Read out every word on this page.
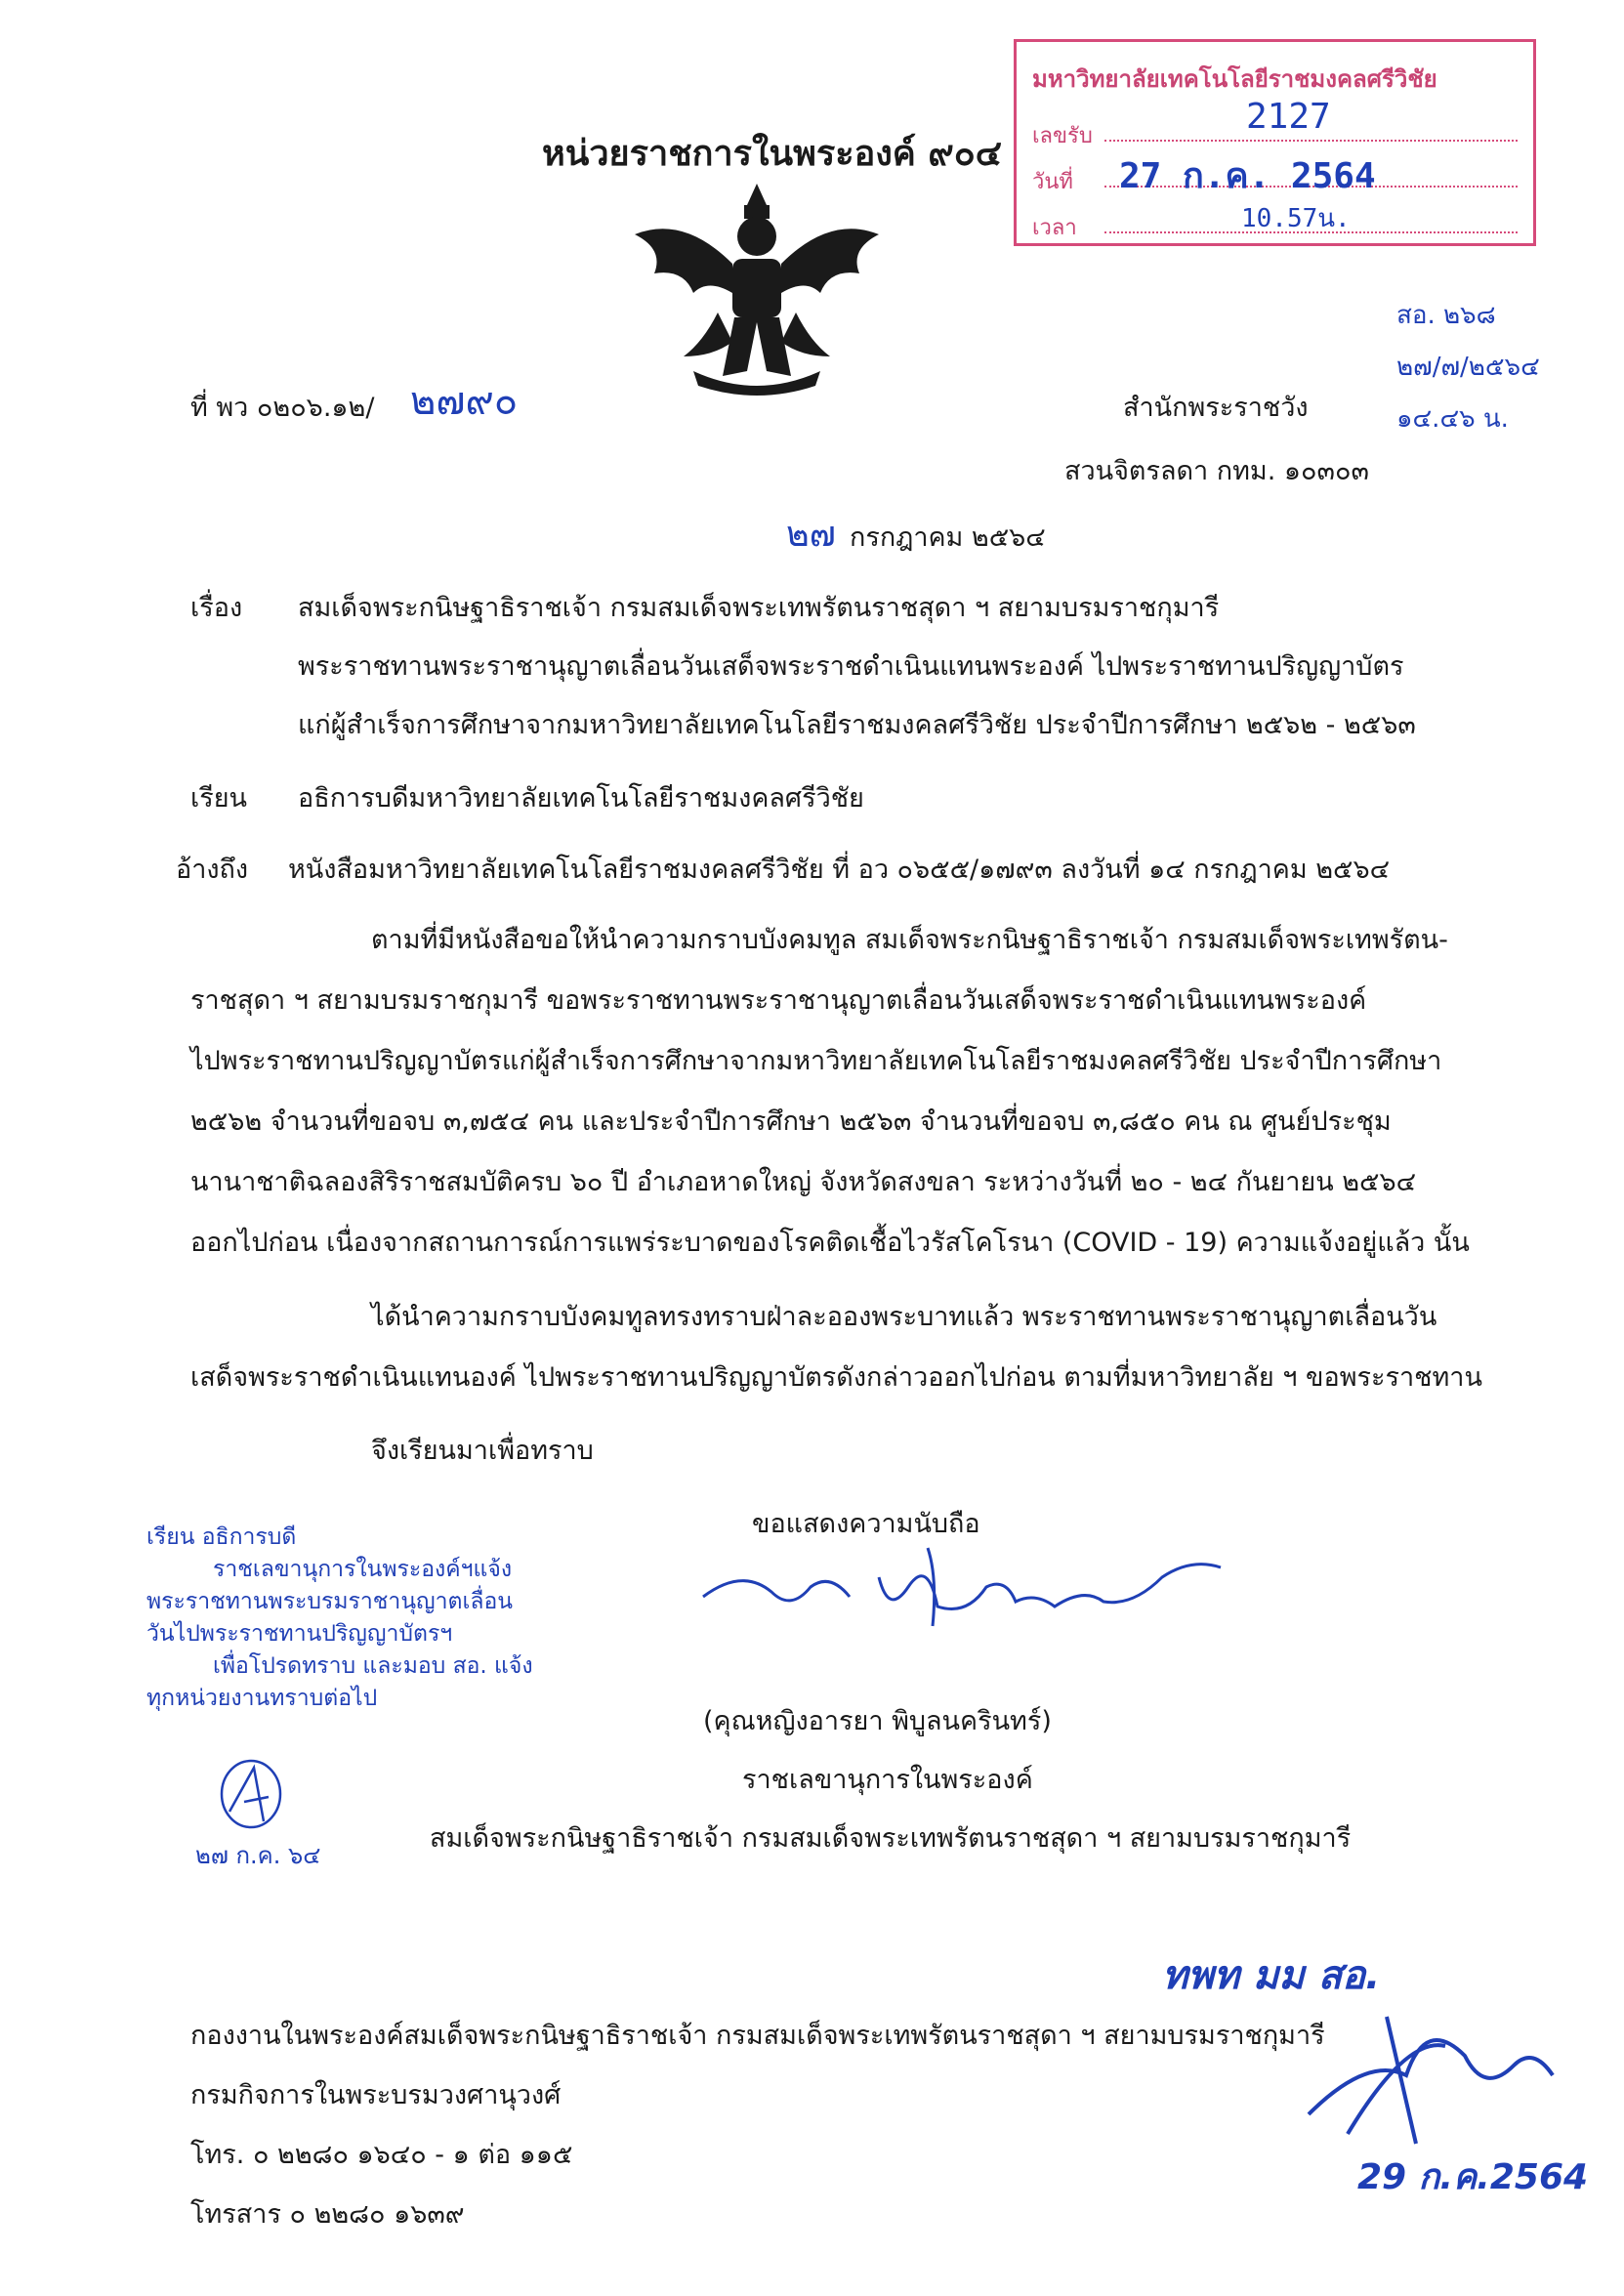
หน่วยราชการในพระองค์ ๙๐๔
มหาวิทยาลัยเทคโนโลยีราชมงคลศรีวิชัย
เลขรับ	2127
วันที่ 27 ก.ค. 2564
เวลา	10.57น.
สอ. ๒๖๘
๒๗/๗/๒๕๖๔
๑๔.๔๖ น.
ที่ พว ๐๒๐๖.๑๒/ ๒๗๙๐	สำนักพระราชวัง
สวนจิตรลดา กทม. ๑๐๓๐๓
๒๗ กรกฎาคม ๒๕๖๔
เรื่อง สมเด็จพระกนิษฐาธิราชเจ้า กรมสมเด็จพระเทพรัตนราชสุดา ฯ สยามบรมราชกุมารี
พระราชทานพระราชานุญาตเลื่อนวันเสด็จพระราชดำเนินแทนพระองค์ ไปพระราชทานปริญญาบัตร
แก่ผู้สำเร็จการศึกษาจากมหาวิทยาลัยเทคโนโลยีราชมงคลศรีวิชัย ประจำปีการศึกษา ๒๕๖๒ - ๒๕๖๓
เรียน อธิการบดีมหาวิทยาลัยเทคโนโลยีราชมงคลศรีวิชัย
อ้างถึง หนังสือมหาวิทยาลัยเทคโนโลยีราชมงคลศรีวิชัย ที่ อว ๐๖๕๕/๑๗๙๓ ลงวันที่ ๑๔ กรกฎาคม ๒๕๖๔
ตามที่มีหนังสือขอให้นำความกราบบังคมทูล สมเด็จพระกนิษฐาธิราชเจ้า กรมสมเด็จพระเทพรัตน-
ราชสุดา ฯ สยามบรมราชกุมารี ขอพระราชทานพระราชานุญาตเลื่อนวันเสด็จพระราชดำเนินแทนพระองค์
ไปพระราชทานปริญญาบัตรแก่ผู้สำเร็จการศึกษาจากมหาวิทยาลัยเทคโนโลยีราชมงคลศรีวิชัย ประจำปีการศึกษา
๒๕๖๒ จำนวนที่ขอจบ ๓,๗๕๔ คน และประจำปีการศึกษา ๒๕๖๓ จำนวนที่ขอจบ ๓,๘๕๐ คน ณ ศูนย์ประชุม
นานาชาติฉลองสิริราชสมบัติครบ ๖๐ ปี อำเภอหาดใหญ่ จังหวัดสงขลา ระหว่างวันที่ ๒๐ - ๒๔ กันยายน ๒๕๖๔
ออกไปก่อน เนื่องจากสถานการณ์การแพร่ระบาดของโรคติดเชื้อไวรัสโคโรนา (COVID - 19) ความแจ้งอยู่แล้ว นั้น
ได้นำความกราบบังคมทูลทรงทราบฝ่าละอองพระบาทแล้ว พระราชทานพระราชานุญาตเลื่อนวัน
เสด็จพระราชดำเนินแทนองค์ ไปพระราชทานปริญญาบัตรดังกล่าวออกไปก่อน ตามที่มหาวิทยาลัย ฯ ขอพระราชทาน
จึงเรียนมาเพื่อทราบ
ขอแสดงความนับถือ
(คุณหญิงอารยา พิบูลนครินทร์)
ราชเลขานุการในพระองค์
สมเด็จพระกนิษฐาธิราชเจ้า กรมสมเด็จพระเทพรัตนราชสุดา ฯ สยามบรมราชกุมารี
เรียน อธิการบดี
ราชเลขานุการในพระองค์ฯแจ้ง
พระราชทานพระบรมราชานุญาตเลื่อน
วันไปพระราชทานปริญญาบัตรฯ
เพื่อโปรดทราบ และมอบ สอ. แจ้ง
ทุกหน่วยงานทราบต่อไป
๒๗ ก.ค. ๖๔
ทพท มม สอ.
29 ก.ค.2564
กองงานในพระองค์สมเด็จพระกนิษฐาธิราชเจ้า กรมสมเด็จพระเทพรัตนราชสุดา ฯ สยามบรมราชกุมารี
กรมกิจการในพระบรมวงศานุวงศ์
โทร. ๐ ๒๒๘๐ ๑๖๔๐ - ๑ ต่อ ๑๑๕
โทรสาร ๐ ๒๒๘๐ ๑๖๓๙
